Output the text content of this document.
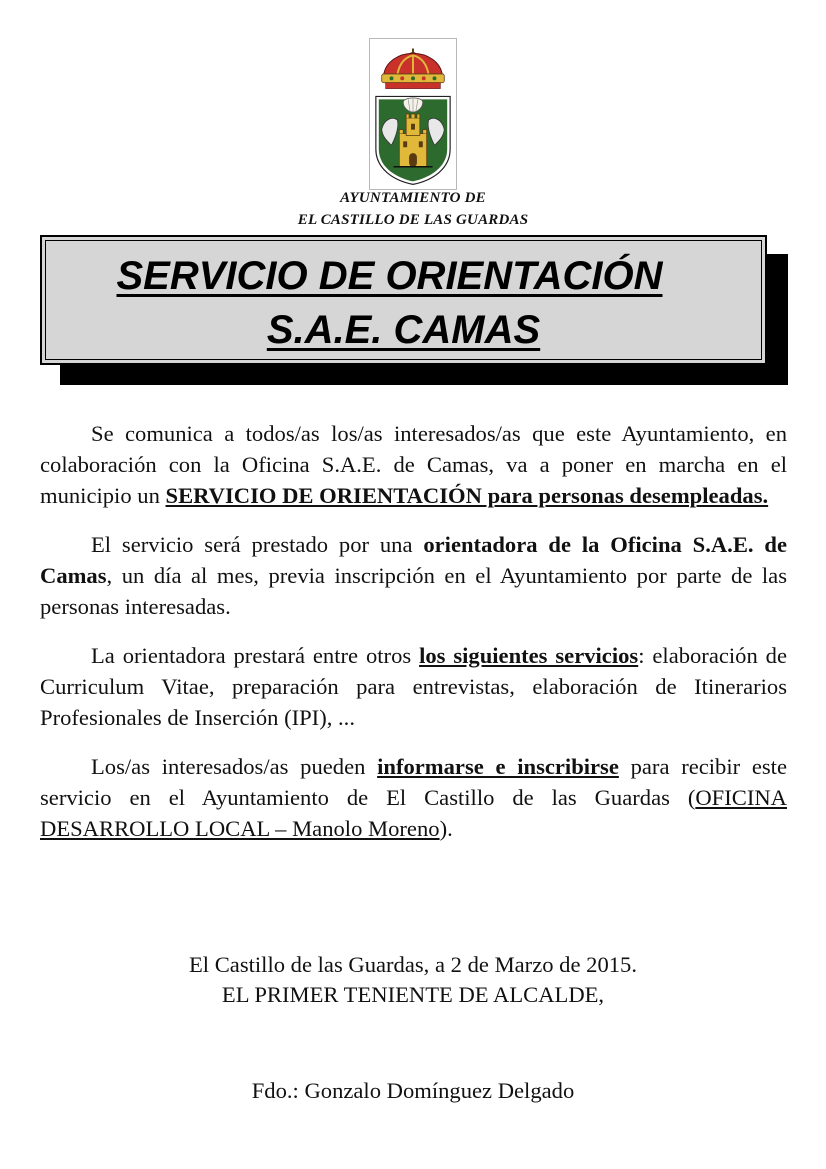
AYUNTAMIENTO DE
EL CASTILLO DE LAS GUARDAS
SERVICIO DE ORIENTACIÓN
S.A.E. CAMAS

Se comunica a todos/as los/as interesados/as que este Ayuntamiento, en colaboración con la Oficina S.A.E. de Camas, va a poner en marcha en el municipio un SERVICIO DE ORIENTACIÓN para personas desempleadas.

El servicio será prestado por una orientadora de la Oficina S.A.E. de Camas, un día al mes, previa inscripción en el Ayuntamiento por parte de las personas interesadas.

La orientadora prestará entre otros los siguientes servicios: elaboración de Curriculum Vitae, preparación para entrevistas, elaboración de Itinerarios Profesionales de Inserción (IPI), ...

Los/as interesados/as pueden informarse e inscribirse para recibir este servicio en el Ayuntamiento de El Castillo de las Guardas (OFICINA DESARROLLO LOCAL – Manolo Moreno).

El Castillo de las Guardas, a 2 de Marzo de 2015.
EL PRIMER TENIENTE DE ALCALDE,
Fdo.: Gonzalo Domínguez Delgado
